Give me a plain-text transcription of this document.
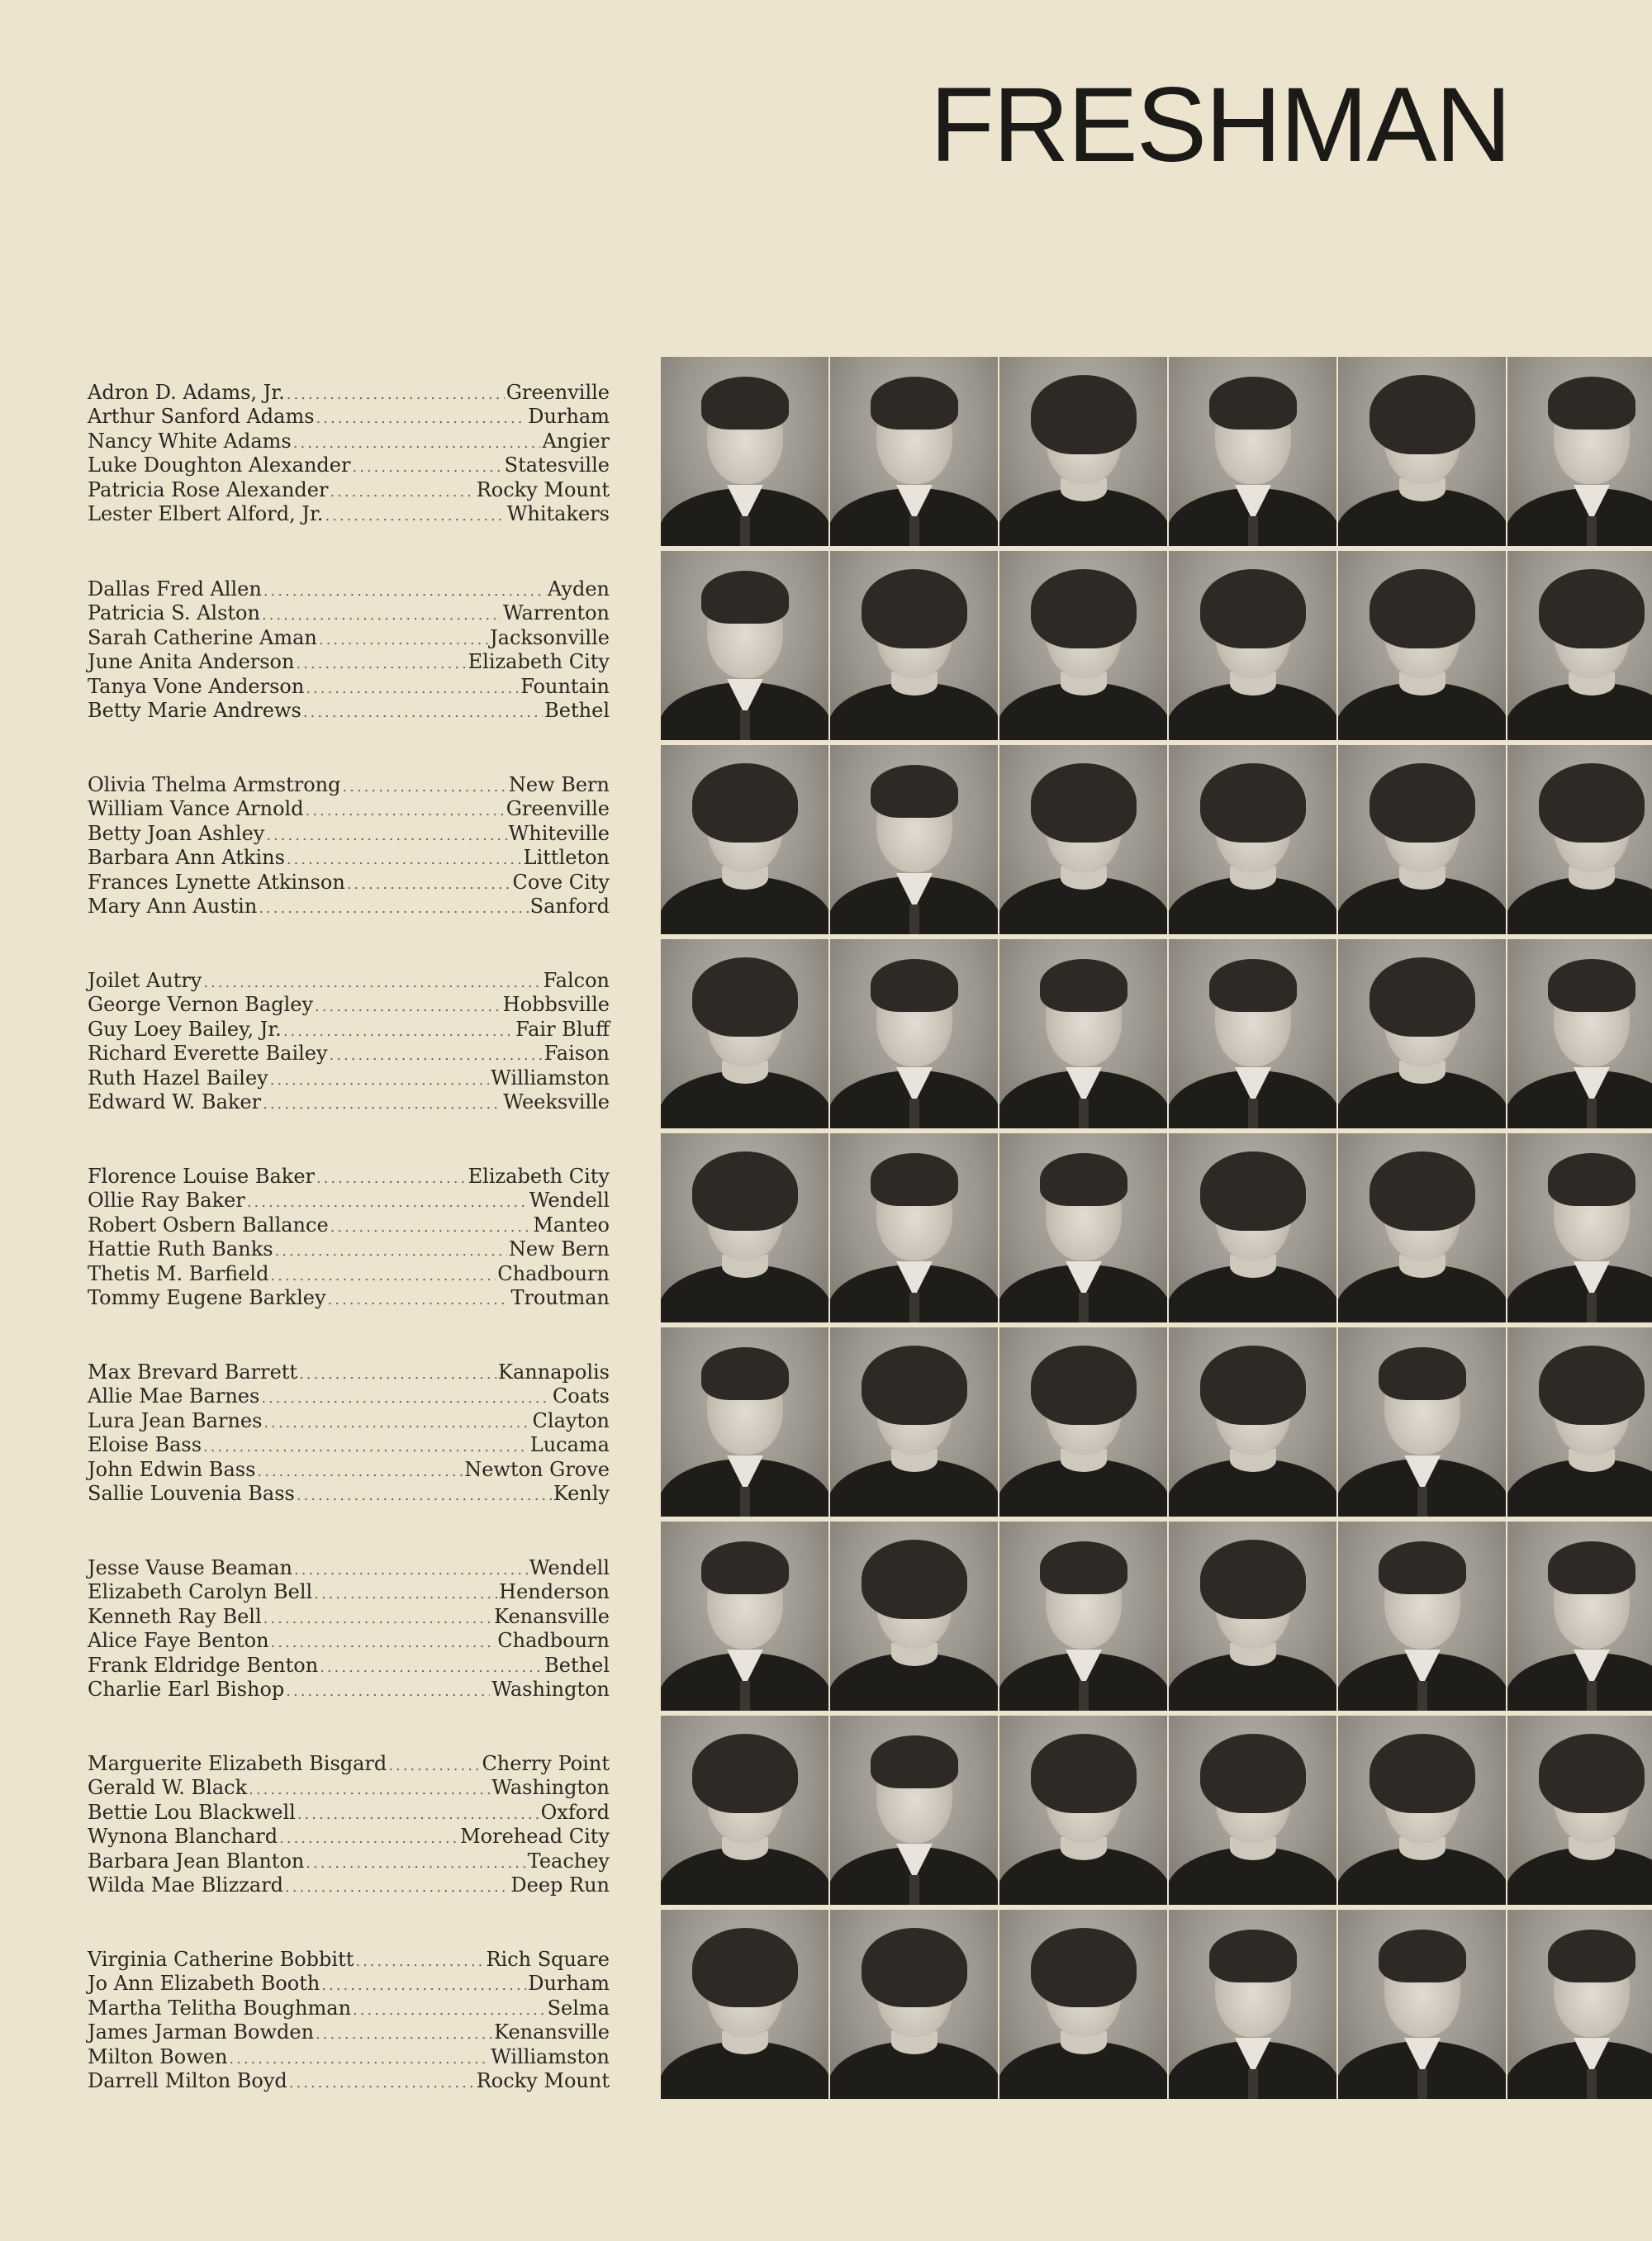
FRESHMAN
Adron D. Adams, Jr. .....	Greenville
Arthur Sanford Adams .....	Durham
Nancy White Adams .....	Angier
Luke Doughton Alexander .....	Statesville
Patricia Rose Alexander .....	Rocky Mount
Lester Elbert Alford, Jr. .....	Whitakers
Dallas Fred Allen .....	Ayden
Patricia S. Alston .....	Warrenton
Sarah Catherine Aman .....	Jacksonville
June Anita Anderson .....	Elizabeth City
Tanya Vone Anderson .....	Fountain
Betty Marie Andrews .....	Bethel
Olivia Thelma Armstrong .....	New Bern
William Vance Arnold .....	Greenville
Betty Joan Ashley .....	Whiteville
Barbara Ann Atkins .....	Littleton
Frances Lynette Atkinson .....	Cove City
Mary Ann Austin .....	Sanford
Joilet Autry .....	Falcon
George Vernon Bagley .....	Hobbsville
Guy Loey Bailey, Jr. .....	Fair Bluff
Richard Everette Bailey .....	Faison
Ruth Hazel Bailey .....	Williamston
Edward W. Baker .....	Weeksville
Florence Louise Baker .....	Elizabeth City
Ollie Ray Baker .....	Wendell
Robert Osbern Ballance .....	Manteo
Hattie Ruth Banks .....	New Bern
Thetis M. Barfield .....	Chadbourn
Tommy Eugene Barkley .....	Troutman
Max Brevard Barrett .....	Kannapolis
Allie Mae Barnes .....	Coats
Lura Jean Barnes .....	Clayton
Eloise Bass .....	Lucama
John Edwin Bass .....	Newton Grove
Sallie Louvenia Bass .....	Kenly
Jesse Vause Beaman .....	Wendell
Elizabeth Carolyn Bell .....	Henderson
Kenneth Ray Bell .....	Kenansville
Alice Faye Benton .....	Chadbourn
Frank Eldridge Benton .....	Bethel
Charlie Earl Bishop .....	Washington
Marguerite Elizabeth Bisgard .....	Cherry Point
Gerald W. Black .....	Washington
Bettie Lou Blackwell .....	Oxford
Wynona Blanchard .....	Morehead City
Barbara Jean Blanton .....	Teachey
Wilda Mae Blizzard .....	Deep Run
Virginia Catherine Bobbitt .....	Rich Square
Jo Ann Elizabeth Booth .....	Durham
Martha Telitha Boughman .....	Selma
James Jarman Bowden .....	Kenansville
Milton Bowen .....	Williamston
Darrell Milton Boyd .....	Rocky Mount
